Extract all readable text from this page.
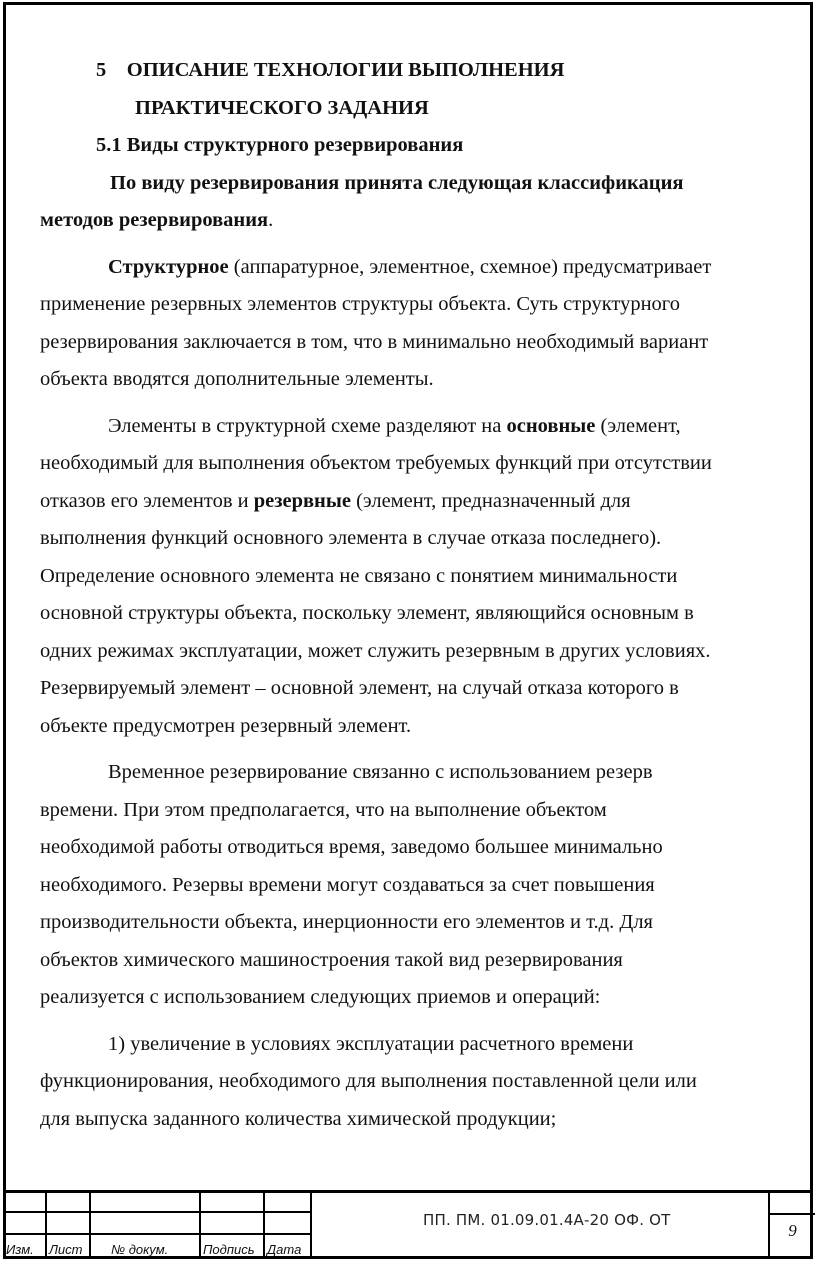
5    ОПИСАНИЕ ТЕХНОЛОГИИ ВЫПОЛНЕНИЯ
ПРАКТИЧЕСКОГО ЗАДАНИЯ
5.1 Виды структурного резервирования
По виду резервирования принята следующая классификация
методов резервирования.
Структурное (аппаратурное, элементное, схемное) предусматривает
применение резервных элементов структуры объекта. Суть структурного
резервирования заключается в том, что в минимально необходимый вариант
объекта вводятся дополнительные элементы.
Элементы в структурной схеме разделяют на основные (элемент,
необходимый для выполнения объектом требуемых функций при отсутствии
отказов его элементов и резервные (элемент, предназначенный для
выполнения функций основного элемента в случае отказа последнего).
Определение основного элемента не связано с понятием минимальности
основной структуры объекта, поскольку элемент, являющийся основным в
одних режимах эксплуатации, может служить резервным в других условиях.
Резервируемый элемент – основной элемент, на случай отказа которого в
объекте предусмотрен резервный элемент.
Временное резервирование связанно с использованием резерв
времени. При этом предполагается, что на выполнение объектом
необходимой работы отводиться время, заведомо большее минимально
необходимого. Резервы времени могут создаваться за счет повышения
производительности объекта, инерционности его элементов и т.д. Для
объектов химического машиностроения такой вид резервирования
реализуется с использованием следующих приемов и операций:
1) увеличение в условиях эксплуатации расчетного времени
функционирования, необходимого для выполнения поставленной цели или
для выпуска заданного количества химической продукции;
Изм. Лист № докум.	Подпись Дата
ПП. ПМ. 01.09.01.4А-20 ОФ. ОТ
9
